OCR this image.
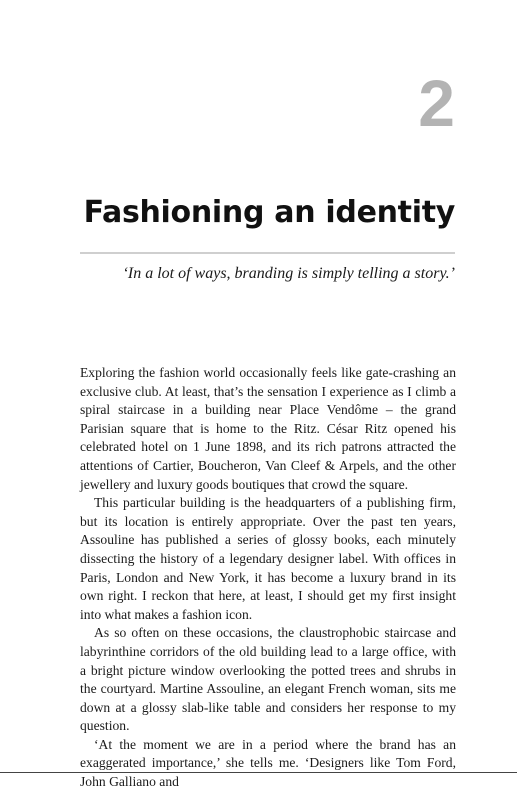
2
Fashioning an identity
‘In a lot of ways, branding is simply telling a story.’

Exploring the fashion world occasionally feels like gate-crashing an exclusive club. At least, that’s the sensation I experience as I climb a spiral staircase in a building near Place Vendôme – the grand Parisian square that is home to the Ritz. César Ritz opened his celebrated hotel on 1 June 1898, and its rich patrons attracted the attentions of Cartier, Boucheron, Van Cleef & Arpels, and the other jewellery and luxury goods boutiques that crowd the square.

This particular building is the headquarters of a publishing firm, but its location is entirely appropriate. Over the past ten years, Assouline has published a series of glossy books, each minutely dissecting the history of a legendary designer label. With offices in Paris, London and New York, it has become a luxury brand in its own right. I reckon that here, at least, I should get my first insight into what makes a fashion icon.

As so often on these occasions, the claustrophobic staircase and labyrinthine corridors of the old building lead to a large office, with a bright picture window overlooking the potted trees and shrubs in the courtyard. Martine Assouline, an elegant French woman, sits me down at a glossy slab-like table and considers her response to my question.

‘At the moment we are in a period where the brand has an exaggerated importance,’ she tells me. ‘Designers like Tom Ford, John Galliano and
